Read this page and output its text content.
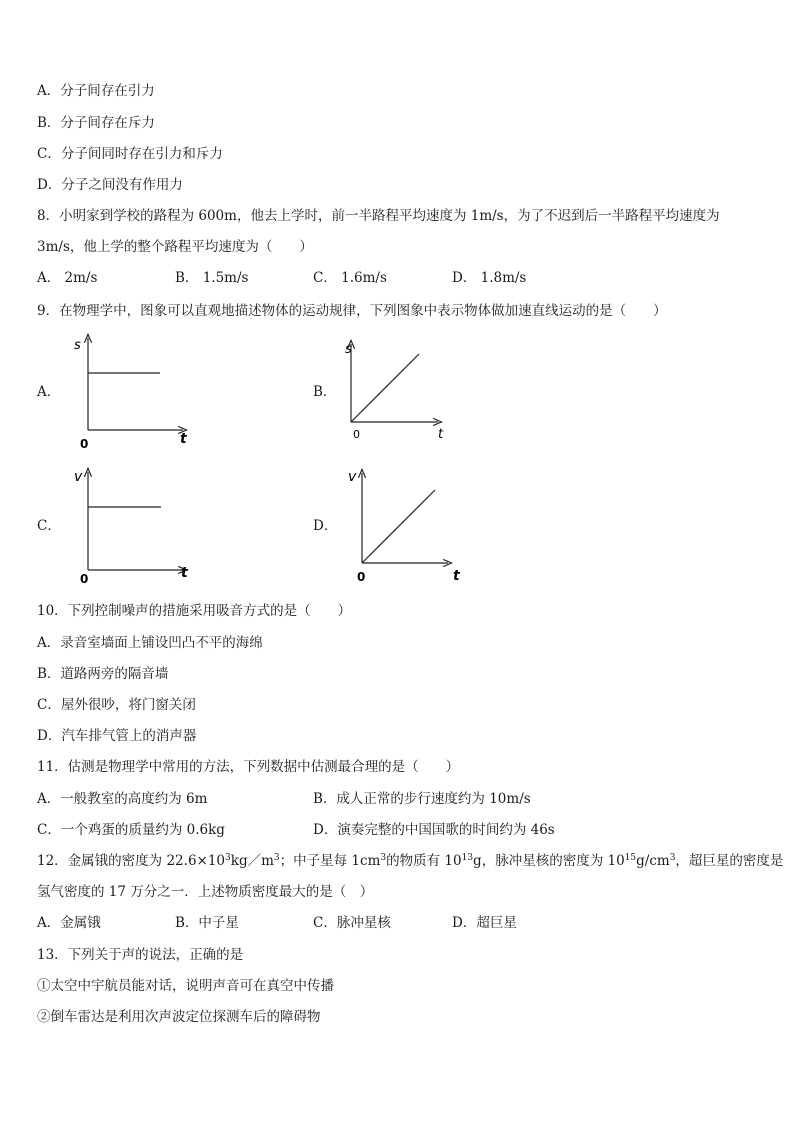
A．分子间存在引力
B．分子间存在斥力
C．分子间同时存在引力和斥力
D．分子之间没有作用力
8．小明家到学校的路程为 600m，他去上学时，前一半路程平均速度为 1m/s，为了不迟到后一半路程平均速度为
3m/s，他上学的整个路程平均速度为（　　）
A． 2m/s	B． 1.5m/s	C． 1.6m/s	D． 1.8m/s
9．在物理学中，图象可以直观地描述物体的运动规律，下列图象中表示物体做加速直线运动的是（　　）
A．	B．
C．	D．
s
t
0
s
t
0
v
t
0
v
t
0
10．下列控制噪声的措施采用吸音方式的是（　　）
A．录音室墙面上铺设凹凸不平的海绵
B．道路两旁的隔音墙
C．屋外很吵，将门窗关闭
D．汽车排气管上的消声器
11．估测是物理学中常用的方法，下列数据中估测最合理的是（　　）
A．一般教室的高度约为 6m	B．成人正常的步行速度约为 10m/s
C．一个鸡蛋的质量约为 0.6kg	D．演奏完整的中国国歌的时间约为 46s
12．金属锇的密度为 $22.6\times 10^3kg/m^3$；中子星每 $1cm^3$的物质有 $10^{13}g$，脉冲星核的密度为 $10^{15}g/cm^3$，超巨星的密度是
氢气密度的 17 万分之一．上述物质密度最大的是（　）
A．金属锇	B．中子星	C．脉冲星核	D．超巨星
13．下列关于声的说法，正确的是
①太空中宇航员能对话，说明声音可在真空中传播
②倒车雷达是利用次声波定位探测车后的障碍物
